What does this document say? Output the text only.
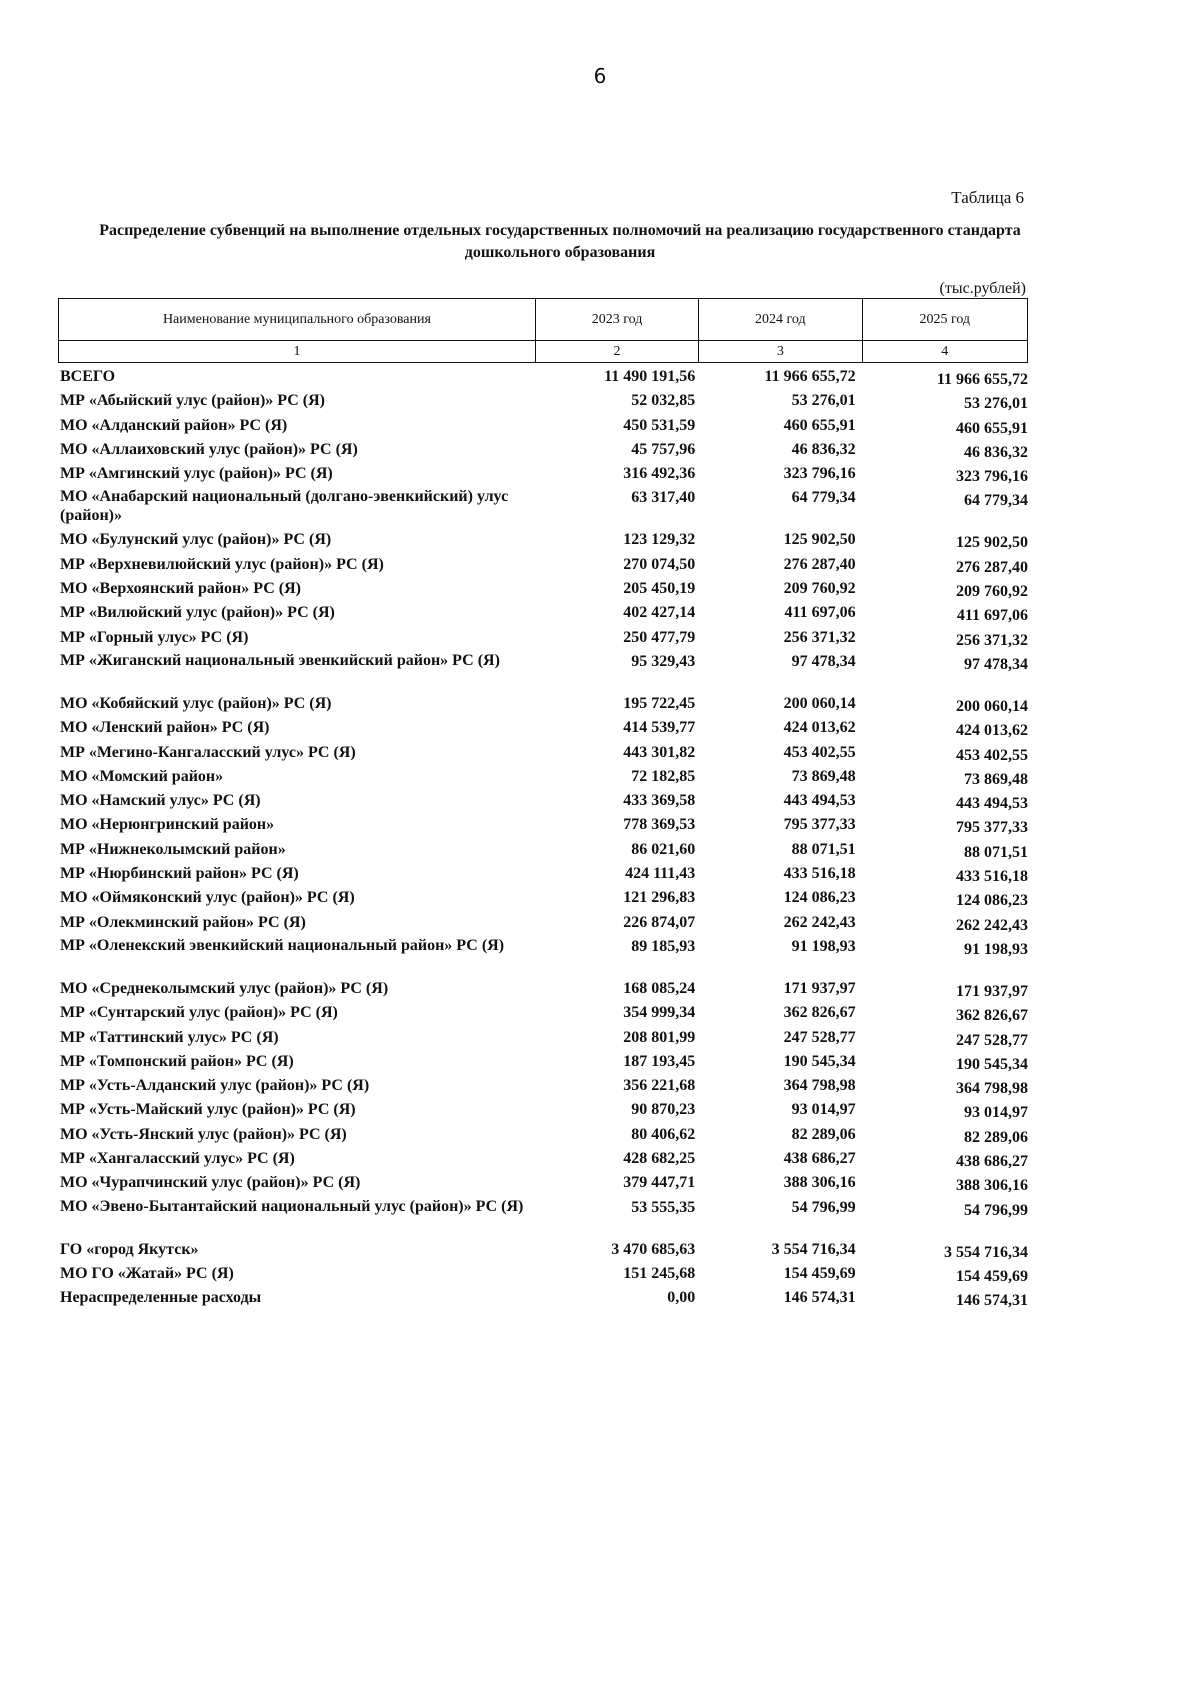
6
Таблица 6
Распределение субвенций на выполнение отдельных государственных полномочий на реализацию государственного стандарта дошкольного образования
(тыс.рублей)
Наименование муниципального образования	2023 год	2024 год	2025 год
1	2	3	4
ВСЕГО	11 490 191,56	11 966 655,72	11 966 655,72
МР «Абыйский улус (район)» РС (Я)	52 032,85	53 276,01	53 276,01
МО «Алданский район» РС (Я)	450 531,59	460 655,91	460 655,91
МО «Аллаиховский улус (район)» РС (Я)	45 757,96	46 836,32	46 836,32
МР «Амгинский улус (район)» РС (Я)	316 492,36	323 796,16	323 796,16
МО «Анабарский национальный (долгано-эвенкийский) улус (район)»	63 317,40	64 779,34	64 779,34
МО «Булунский улус (район)» РС (Я)	123 129,32	125 902,50	125 902,50
МР «Верхневилюйский улус (район)» РС (Я)	270 074,50	276 287,40	276 287,40
МО «Верхоянский район» РС (Я)	205 450,19	209 760,92	209 760,92
МР «Вилюйский улус (район)» РС (Я)	402 427,14	411 697,06	411 697,06
МР «Горный улус» РС (Я)	250 477,79	256 371,32	256 371,32
МР «Жиганский национальный эвенкийский район» РС (Я)	95 329,43	97 478,34	97 478,34
МО «Кобяйский улус (район)» РС (Я)	195 722,45	200 060,14	200 060,14
МО «Ленский район» РС (Я)	414 539,77	424 013,62	424 013,62
МР «Мегино-Кангаласский улус» РС (Я)	443 301,82	453 402,55	453 402,55
МО «Момский район»	72 182,85	73 869,48	73 869,48
МО «Намский улус» РС (Я)	433 369,58	443 494,53	443 494,53
МО «Нерюнгринский район»	778 369,53	795 377,33	795 377,33
МР «Нижнеколымский район»	86 021,60	88 071,51	88 071,51
МР «Нюрбинский район» РС (Я)	424 111,43	433 516,18	433 516,18
МО «Оймяконский улус (район)» РС (Я)	121 296,83	124 086,23	124 086,23
МР «Олекминский район» РС (Я)	226 874,07	262 242,43	262 242,43
МР «Оленекский эвенкийский национальный район» РС (Я)	89 185,93	91 198,93	91 198,93
МО «Среднеколымский улус (район)» РС (Я)	168 085,24	171 937,97	171 937,97
МР «Сунтарский улус (район)» РС (Я)	354 999,34	362 826,67	362 826,67
МР «Таттинский улус» РС (Я)	208 801,99	247 528,77	247 528,77
МР «Томпонский район» РС (Я)	187 193,45	190 545,34	190 545,34
МР «Усть-Алданский улус (район)» РС (Я)	356 221,68	364 798,98	364 798,98
МР «Усть-Майский улус (район)» РС (Я)	90 870,23	93 014,97	93 014,97
МО «Усть-Янский улус (район)» РС (Я)	80 406,62	82 289,06	82 289,06
МР «Хангаласский улус» РС (Я)	428 682,25	438 686,27	438 686,27
МО «Чурапчинский улус (район)» РС (Я)	379 447,71	388 306,16	388 306,16
МО «Эвено-Бытантайский национальный улус (район)» РС (Я)	53 555,35	54 796,99	54 796,99
ГО «город Якутск»	3 470 685,63	3 554 716,34	3 554 716,34
МО ГО «Жатай» РС (Я)	151 245,68	154 459,69	154 459,69
Нераспределенные расходы	0,00	146 574,31	146 574,31
